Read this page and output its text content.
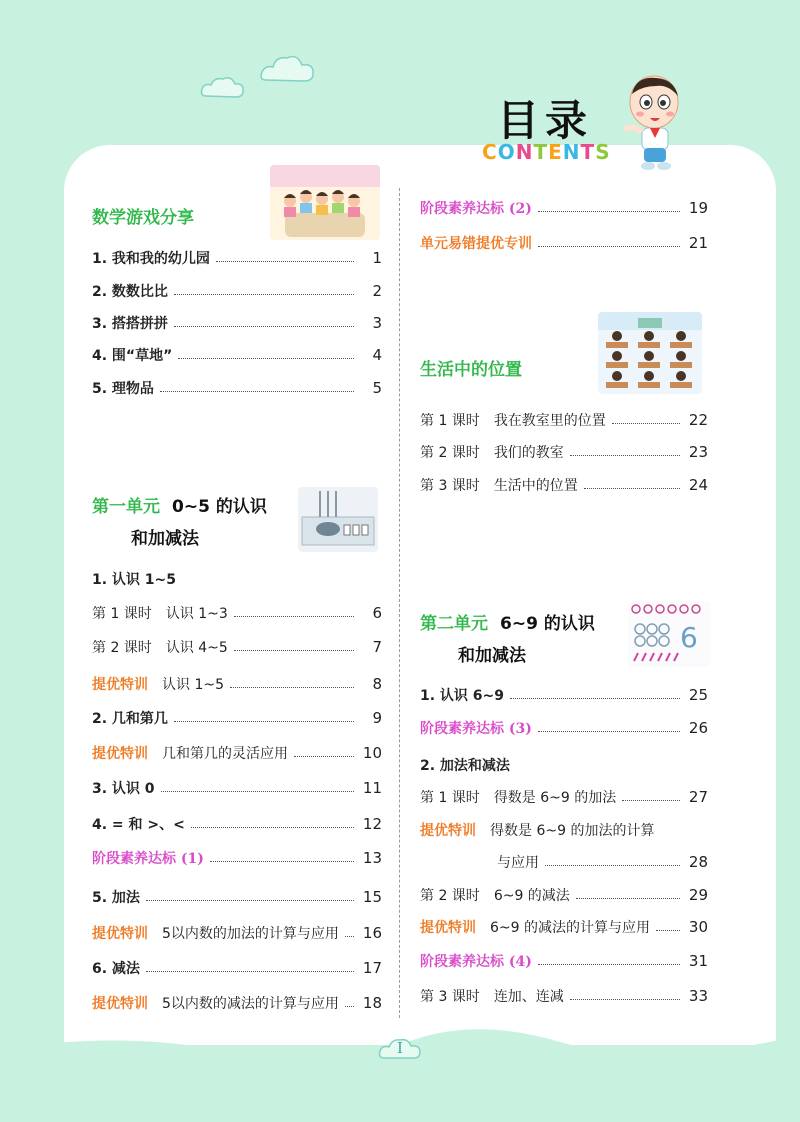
目录
CONTENTS
数学游戏分享
1. 我和我的幼儿园	1
2. 数数比比	2
3. 搭搭拼拼	3
4. 围“草地”	4
5. 理物品	5
第一单元 0~5 的认识
和加减法
1. 认识 1~5
第 1 课时 认识 1~3	6
第 2 课时 认识 4~5	7
提优特训 认识 1~5	8
2. 几和第几	9
提优特训 几和第几的灵活应用	10
3. 认识 0	11
4. = 和 >、<	12
阶段素养达标 (1)	13
5. 加法	15
提优特训 5以内数的加法的计算与应用 16
6. 减法	17
提优特训 5以内数的减法的计算与应用 18
阶段素养达标 (2)	19
单元易错提优专训	21
生活中的位置
第 1 课时 我在教室里的位置	22
第 2 课时 我们的教室	23
第 3 课时 生活中的位置	24
第二单元 6~9 的认识
和加减法
6
1. 认识 6~9	25
阶段素养达标 (3)	26
2. 加法和减法
第 1 课时 得数是 6~9 的加法	27
提优特训 得数是 6~9 的加法的计算
与应用	28
第 2 课时 6~9 的减法	29
提优特训 6~9 的减法的计算与应用	30
阶段素养达标 (4)	31
第 3 课时 连加、连减	33
I
